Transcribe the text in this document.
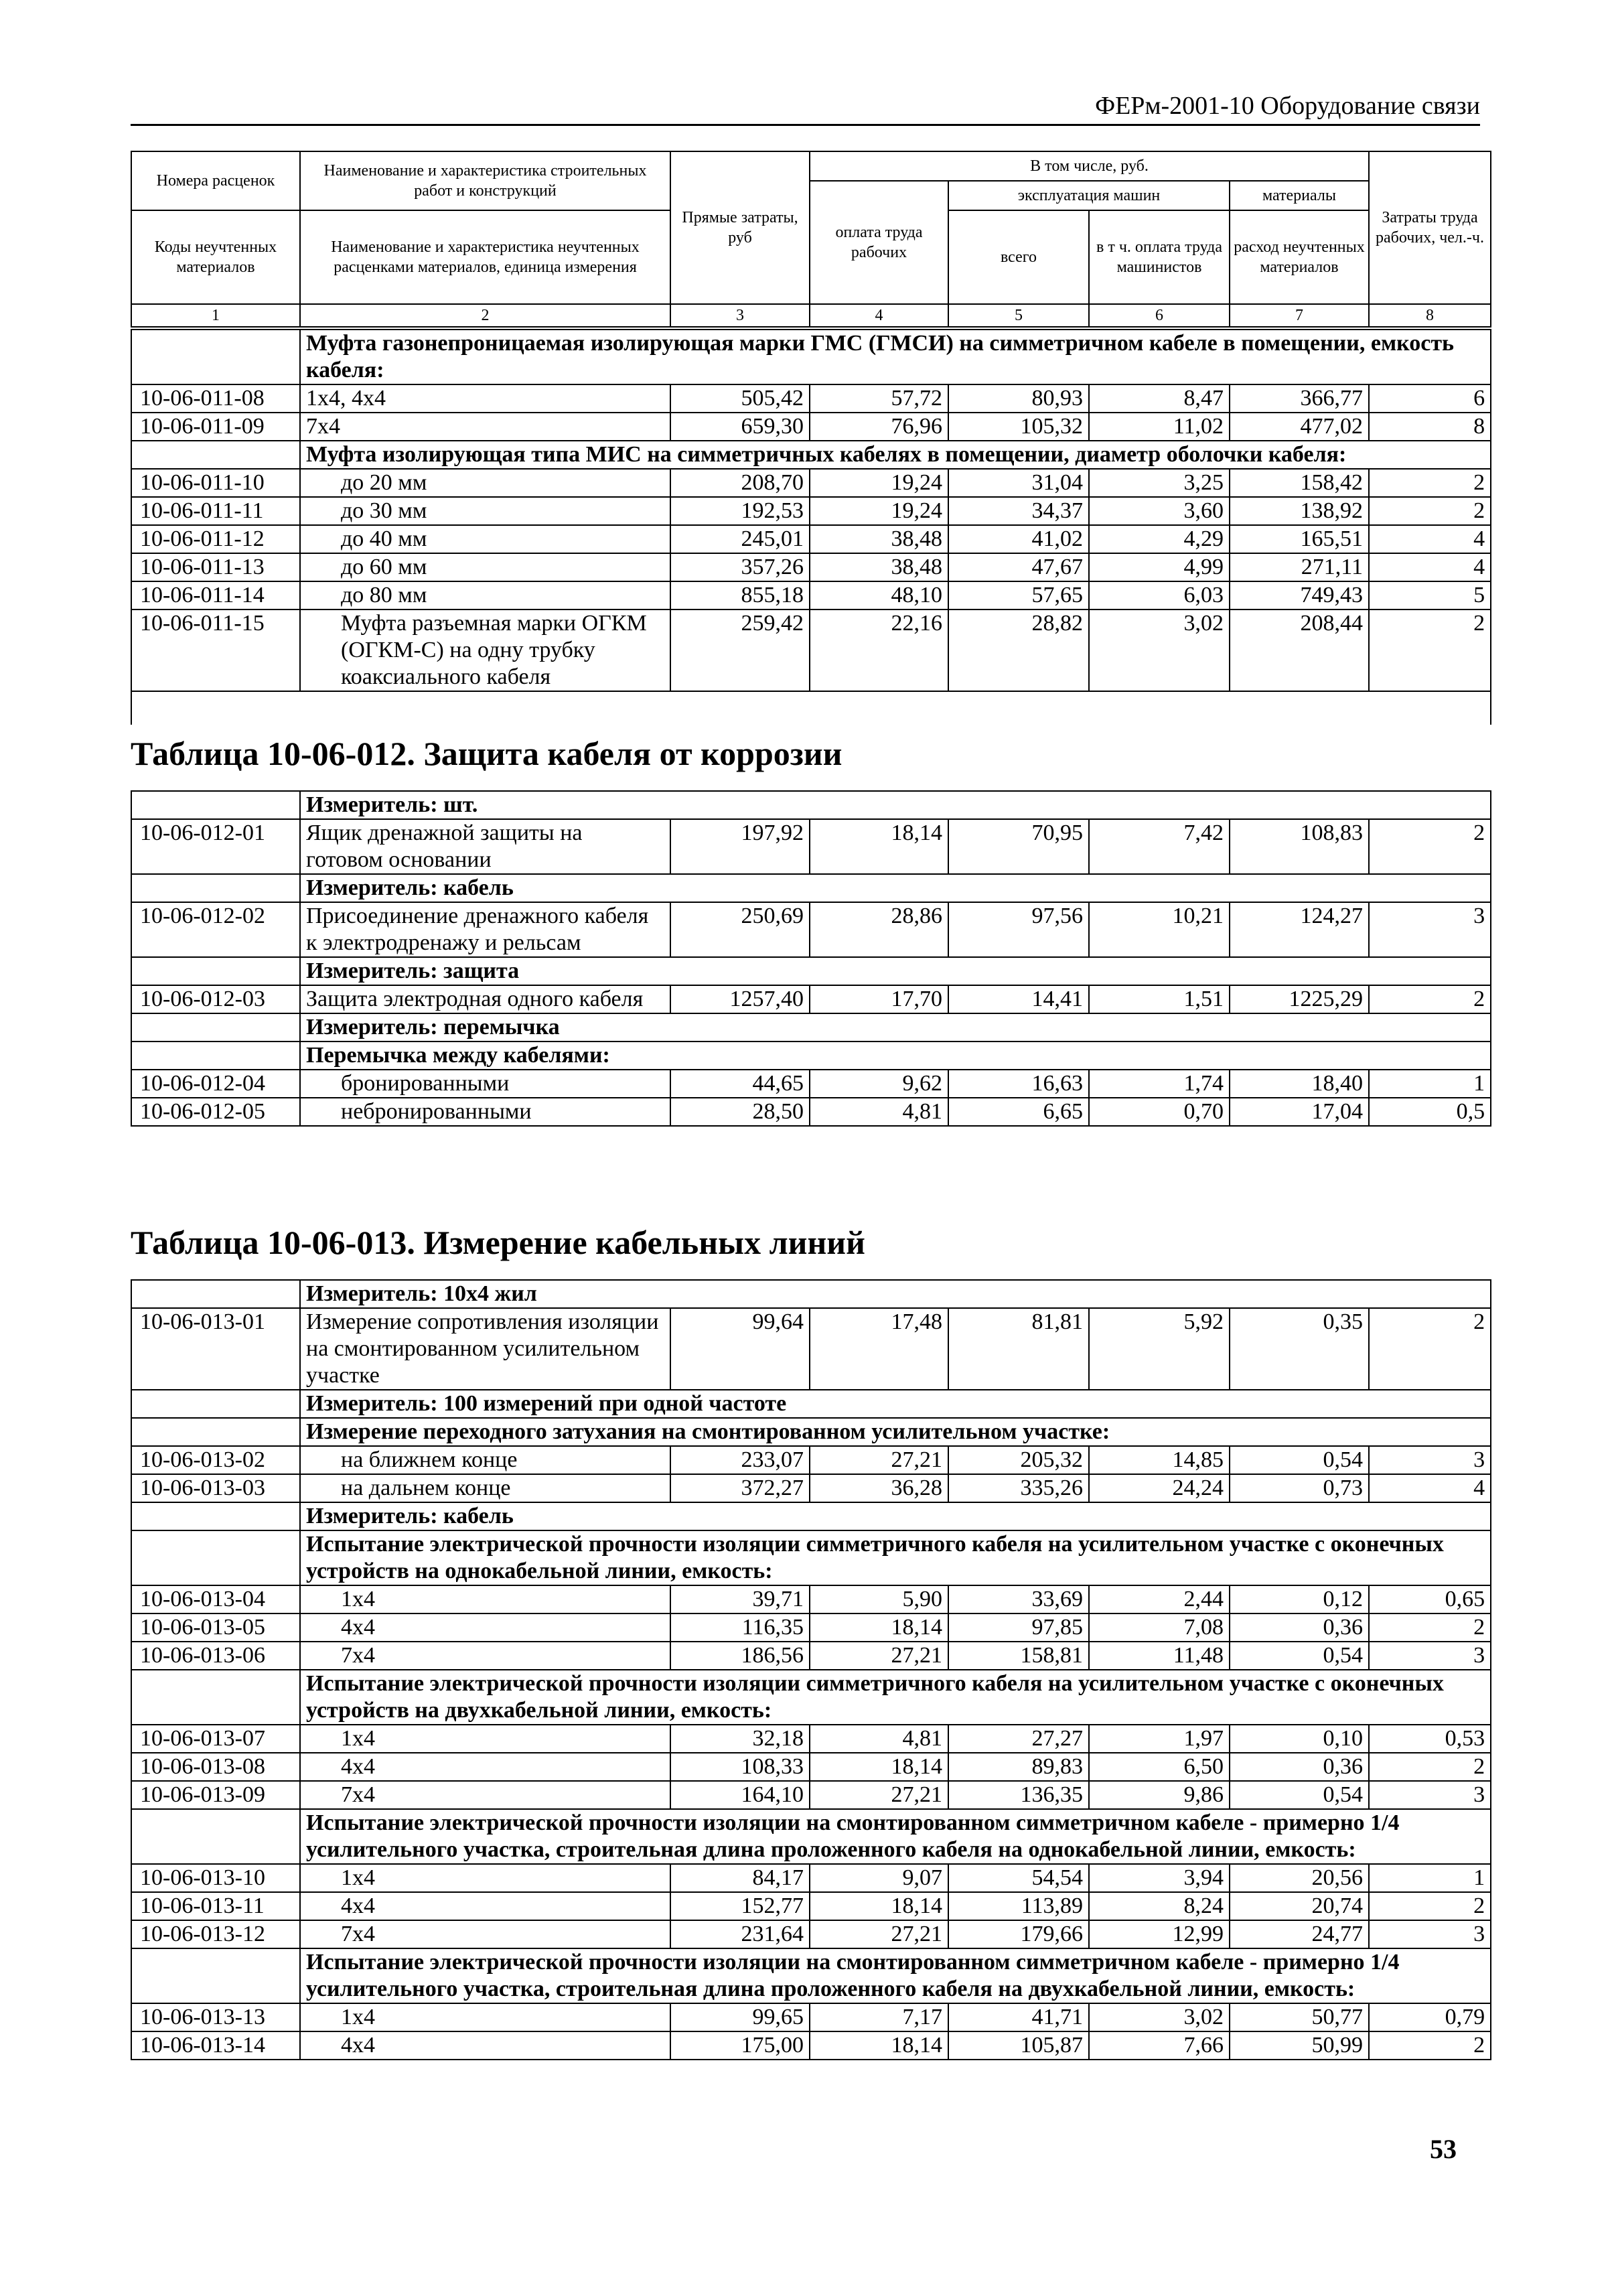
ФЕРм-2001-10 Оборудование связи
Номера расценок	Наименование и характеристика строительных работ и конструкций	Прямые затраты, руб	В том числе, руб.				Затраты труда рабочих, чел.-ч.
			оплата труда рабочих	эксплуатация машин		материалы	
Коды неучтенных материалов	Наименование и характеристика неучтенных расценками материалов, единица измерения			всего	в т ч. оплата труда машинистов	расход неучтенных материалов	

1	2	3	4	5	6	7	8
	Муфта газонепроницаемая изолирующая марки ГМС (ГМСИ) на симметричном кабеле в помещении, емкость кабеля:						
10-06-011-08	1х4, 4х4	505,42	57,72	80,93	8,47	366,77	6
10-06-011-09	7х4	659,30	76,96	105,32	11,02	477,02	8
	Муфта изолирующая типа МИС на симметричных кабелях в помещении, диаметр оболочки кабеля:						
10-06-011-10	до 20 мм	208,70	19,24	31,04	3,25	158,42	2
10-06-011-11	до 30 мм	192,53	19,24	34,37	3,60	138,92	2
10-06-011-12	до 40 мм	245,01	38,48	41,02	4,29	165,51	4
10-06-011-13	до 60 мм	357,26	38,48	47,67	4,99	271,11	4
10-06-011-14	до 80 мм	855,18	48,10	57,65	6,03	749,43	5
10-06-011-15	Муфта разъемная марки ОГКМ (ОГКМ-С) на одну трубку коаксиального кабеля	259,42	22,16	28,82	3,02	208,44	2

Таблица 10-06-012. Защита кабеля от коррозии
	Измеритель: шт.						
10-06-012-01	Ящик дренажной защиты на готовом основании	197,92	18,14	70,95	7,42	108,83	2
	Измеритель: кабель						
10-06-012-02	Присоединение дренажного кабеля к электродренажу и рельсам	250,69	28,86	97,56	10,21	124,27	3
	Измеритель: защита						
10-06-012-03	Защита электродная одного кабеля	1257,40	17,70	14,41	1,51	1225,29	2
	Измеритель: перемычка						
	Перемычка между кабелями:						
10-06-012-04	бронированными	44,65	9,62	16,63	1,74	18,40	1
10-06-012-05	небронированными	28,50	4,81	6,65	0,70	17,04	0,5
Таблица 10-06-013. Измерение кабельных линий
	Измеритель: 10х4 жил						
10-06-013-01	Измерение сопротивления изоляции на смонтированном усилительном участке	99,64	17,48	81,81	5,92	0,35	2
	Измеритель: 100 измерений при одной частоте						
	Измерение переходного затухания на смонтированном усилительном участке:						
10-06-013-02	на ближнем конце	233,07	27,21	205,32	14,85	0,54	3
10-06-013-03	на дальнем конце	372,27	36,28	335,26	24,24	0,73	4
	Измеритель: кабель						
	Испытание электрической прочности изоляции симметричного кабеля на усилительном участке с оконечных устройств на однокабельной линии, емкость:						
10-06-013-04	1х4	39,71	5,90	33,69	2,44	0,12	0,65
10-06-013-05	4х4	116,35	18,14	97,85	7,08	0,36	2
10-06-013-06	7х4	186,56	27,21	158,81	11,48	0,54	3
	Испытание электрической прочности изоляции симметричного кабеля на усилительном участке с оконечных устройств на двухкабельной линии, емкость:						
10-06-013-07	1х4	32,18	4,81	27,27	1,97	0,10	0,53
10-06-013-08	4х4	108,33	18,14	89,83	6,50	0,36	2
10-06-013-09	7х4	164,10	27,21	136,35	9,86	0,54	3
	Испытание электрической прочности изоляции на смонтированном симметричном кабеле - примерно 1/4 усилительного участка, строительная длина проложенного кабеля на однокабельной линии, емкость:						
10-06-013-10	1х4	84,17	9,07	54,54	3,94	20,56	1
10-06-013-11	4х4	152,77	18,14	113,89	8,24	20,74	2
10-06-013-12	7х4	231,64	27,21	179,66	12,99	24,77	3
	Испытание электрической прочности изоляции на смонтированном симметричном кабеле - примерно 1/4 усилительного участка, строительная длина проложенного кабеля на двухкабельной линии, емкость:						
10-06-013-13	1х4	99,65	7,17	41,71	3,02	50,77	0,79
10-06-013-14	4х4	175,00	18,14	105,87	7,66	50,99	2
53
